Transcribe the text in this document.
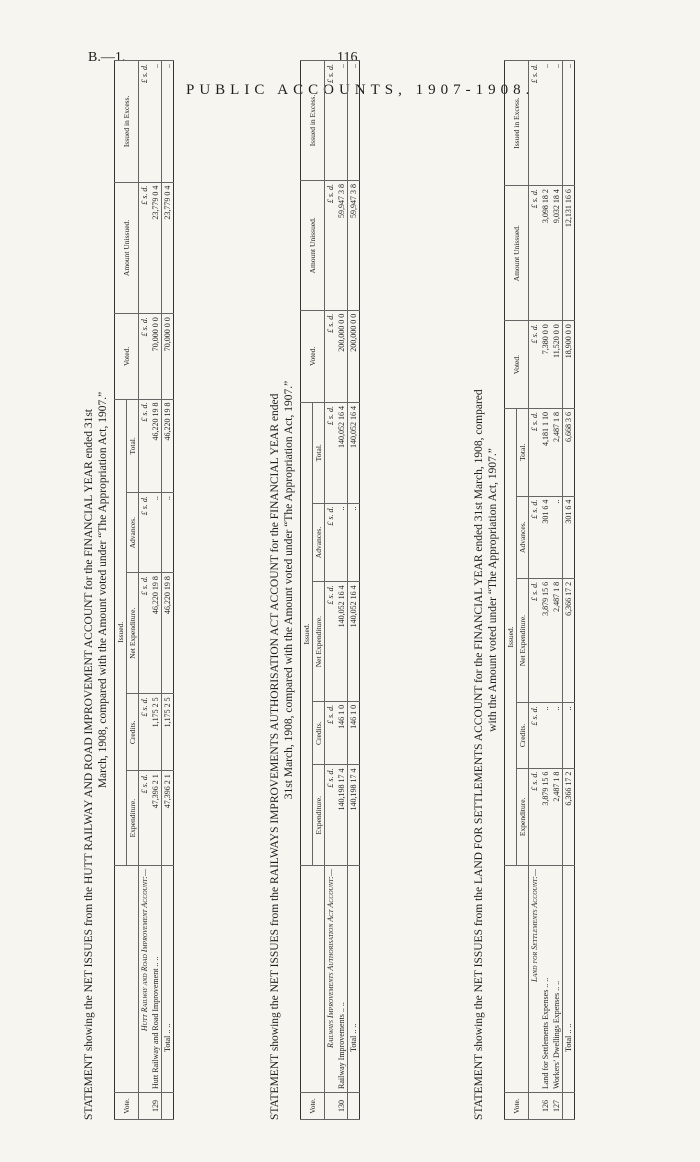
B.—1.	116
PUBLIC ACCOUNTS, 1907-1908.
STATEMENT showing the NET ISSUES from the HUTT RAILWAY AND ROAD IMPROVEMENT ACCOUNT for the FINANCIAL YEAR ended 31st March, 1908, compared with the Amount voted under “The Appropriation Act, 1907.”
Vote.		Issued.					Voted.	Amount Unissued.	Issued in Excess.
		Expenditure.	Credits.	Net Expenditure.	Advances.	Total.			
	Hutt Railway and Road Improvement Account:—	£ s. d.	£ s. d.	£ s. d.	£ s. d.	£ s. d.	£ s. d.	£ s. d.	£ s. d.
129	Hutt Railway and Road Improvement .. ..	47,396 2 1	1,175 2 5	46,220 19 8	..	46,220 19 8	70,000 0 0	23,779 0 4	..
	Total .. ..	47,396 2 1	1,175 2 5	46,220 19 8	..	46,220 19 8	70,000 0 0	23,779 0 4	..
STATEMENT showing the NET ISSUES from the RAILWAYS IMPROVEMENTS AUTHORISATION ACT ACCOUNT for the FINANCIAL YEAR ended 31st March, 1908, compared with the Amount voted under “The Appropriation Act, 1907.”
Vote.		Issued.					Voted.	Amount Unissued.	Issued in Excess.
		Expenditure.	Credits.	Net Expenditure.	Advances.	Total.			
	Railways Improvements Authorisation Act Account:—	£ s. d.	£ s. d.	£ s. d.	£ s. d.	£ s. d.	£ s. d.	£ s. d.	£ s. d.
130	Railway Improvements .. ..	140,198 17 4	146 1 0	140,052 16 4	..	140,052 16 4	200,000 0 0	59,947 3 8	..
	Total .. ..	140,198 17 4	146 1 0	140,052 16 4	..	140,052 16 4	200,000 0 0	59,947 3 8	..
STATEMENT showing the NET ISSUES from the LAND FOR SETTLEMENTS ACCOUNT for the FINANCIAL YEAR ended 31st March, 1908, compared with the Amount voted under “The Appropriation Act, 1907.”
Vote.		Issued.					Voted.	Amount Unissued.	Issued in Excess.
		Expenditure.	Credits.	Net Expenditure.	Advances.	Total.			
	Land for Settlements Account:—	£ s. d.	£ s. d.	£ s. d.	£ s. d.	£ s. d.	£ s. d.	£ s. d.	£ s. d.
126	Land for Settlements Expenses .. ..	3,879 15 6	..	3,879 15 6	301 6 4	4,181 1 10	7,380 0 0	3,098 18 2	..
127	Workers’ Dwellings Expenses .. ..	2,487 1 8	..	2,487 1 8	..	2,487 1 8	11,520 0 0	9,032 18 4	..
	Total .. ..	6,366 17 2	..	6,366 17 2	301 6 4	6,668 3 6	18,900 0 0	12,131 16 6	..
